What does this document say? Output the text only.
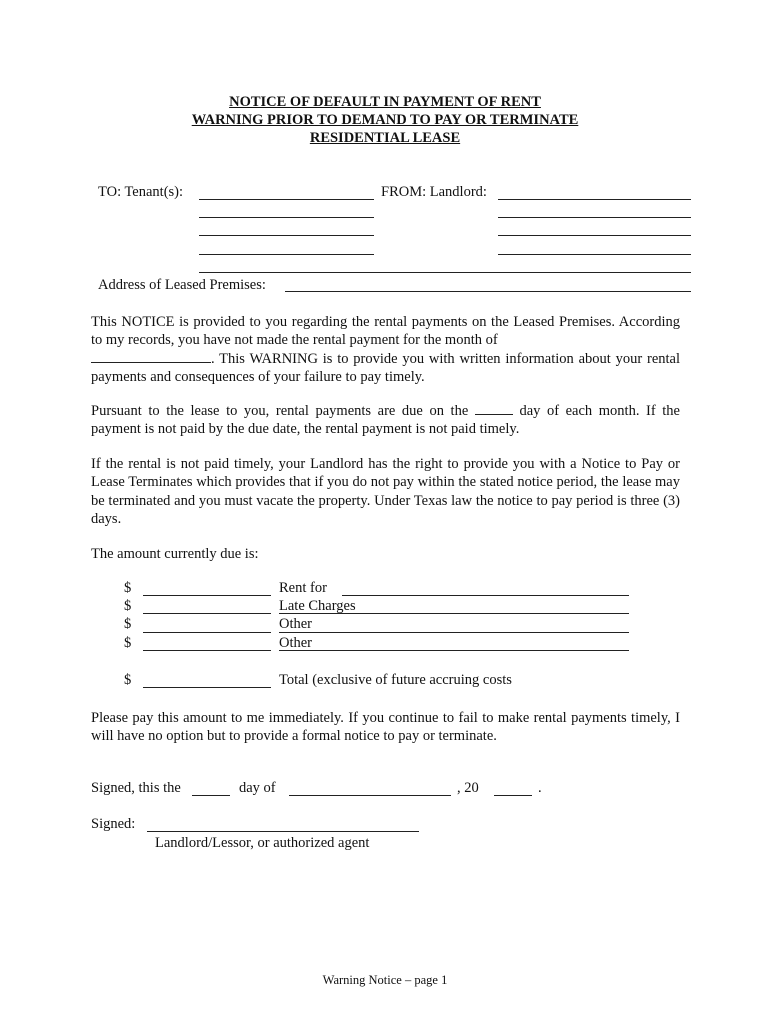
NOTICE OF DEFAULT IN PAYMENT OF RENT
WARNING PRIOR TO DEMAND TO PAY OR TERMINATE
RESIDENTIAL LEASE
TO: Tenant(s):	FROM: Landlord:
Address of Leased Premises:
This NOTICE is provided to you regarding the rental payments on the Leased Premises. According to my records, you have not made the rental payment for the month of
. This WARNING is to provide you with written information about your rental payments and consequences of your failure to pay timely.
Pursuant to the lease to you, rental payments are due on the	day of each month. If the payment is not paid by the due date, the rental payment is not paid timely.
If the rental is not paid timely, your Landlord has the right to provide you with a Notice to Pay or Lease Terminates which provides that if you do not pay within the stated notice period, the lease may be terminated and you must vacate the property. Under Texas law the notice to pay period is three (3) days.
The amount currently due is:
$	Rent for
$	Late Charges
$	Other
$	Other
$	Total (exclusive of future accruing costs
Please pay this amount to me immediately. If you continue to fail to make rental payments timely, I will have no option but to provide a formal notice to pay or terminate.
Signed, this the	day of	, 20	.
Signed:
Landlord/Lessor, or authorized agent
Warning Notice – page 1
